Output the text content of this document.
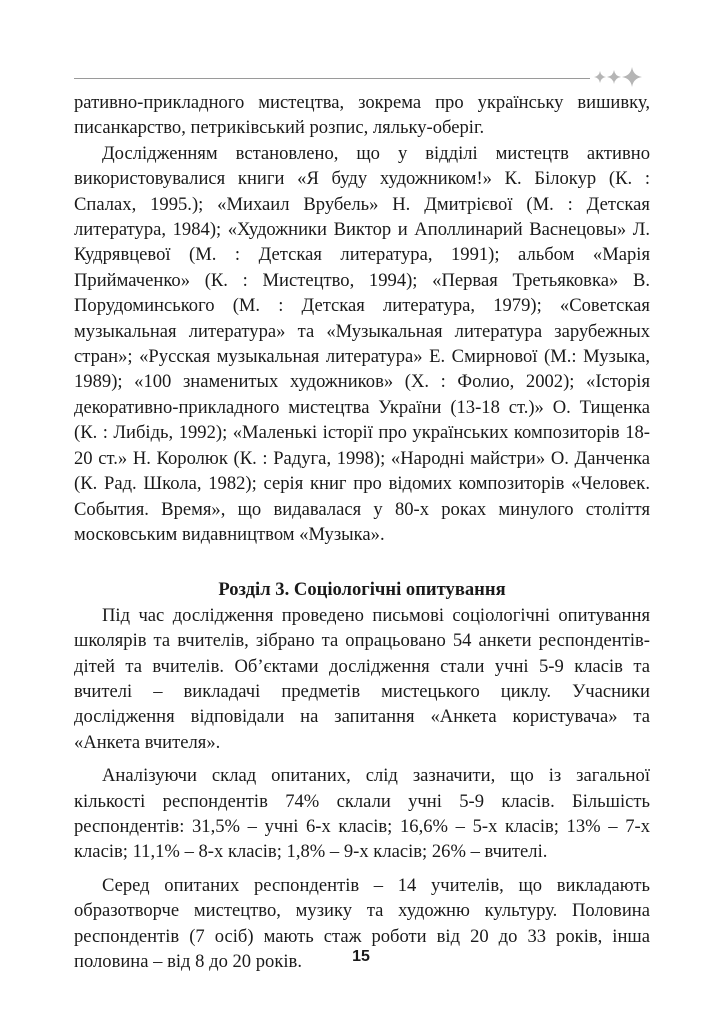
ративно-прикладного мистецтва, зокрема про українську вишивку, писанкарство, петриківський розпис, ляльку-оберіг.

Дослідженням встановлено, що у відділі мистецтв активно використовувалися книги «Я буду художником!» К. Білокур (К. : Спалах, 1995.); «Михаил Врубель» Н. Дмитрієвої (М. : Детская литература, 1984); «Художники Виктор и Аполлинарий Васнецовы» Л. Кудрявцевої (М. : Детская литература, 1991); альбом «Марія Приймаченко» (К. : Мистецтво, 1994); «Первая Третьяковка» В. Порудоминського (М. : Детская литература, 1979); «Советская музыкальная литература» та «Музыкальная литература зарубежных стран»; «Русская музыкальная литература» Е. Смирнової (М.: Музыка, 1989); «100 знаменитых художников» (Х. : Фолио, 2002); «Історія декоративно-прикладного мистецтва України (13-18 ст.)» О. Тищенка (К. : Либідь, 1992); «Маленькі історії про українських композиторів 18-20 ст.» Н. Королюк (К. : Радуга, 1998); «Народні майстри» О. Данченка (К. Рад. Школа, 1982); серія книг про відомих композиторів «Человек. События. Время», що видавалася у 80-х роках минулого століття московським видавництвом «Музыка».

Розділ 3. Соціологічні опитування

Під час дослідження проведено письмові соціологічні опитування школярів та вчителів, зібрано та опрацьовано 54 анкети респондентів-дітей та вчителів. Об’єктами дослідження стали учні 5-9 класів та вчителі – викладачі предметів мистецького циклу. Учасники дослідження відповідали на запитання «Анкета користувача» та «Анкета вчителя».

Аналізуючи склад опитаних, слід зазначити, що із загальної кількості респондентів 74% склали учні 5-9 класів. Більшість респондентів: 31,5% – учні 6-х класів; 16,6% – 5-х класів; 13% – 7-х класів; 11,1% – 8-х класів; 1,8% – 9-х класів; 26% – вчителі.

Серед опитаних респондентів – 14 учителів, що викладають образотворче мистецтво, музику та художню культуру. Половина респондентів (7 осіб) мають стаж роботи від 20 до 33 років, інша половина – від 8 до 20 років.	15
